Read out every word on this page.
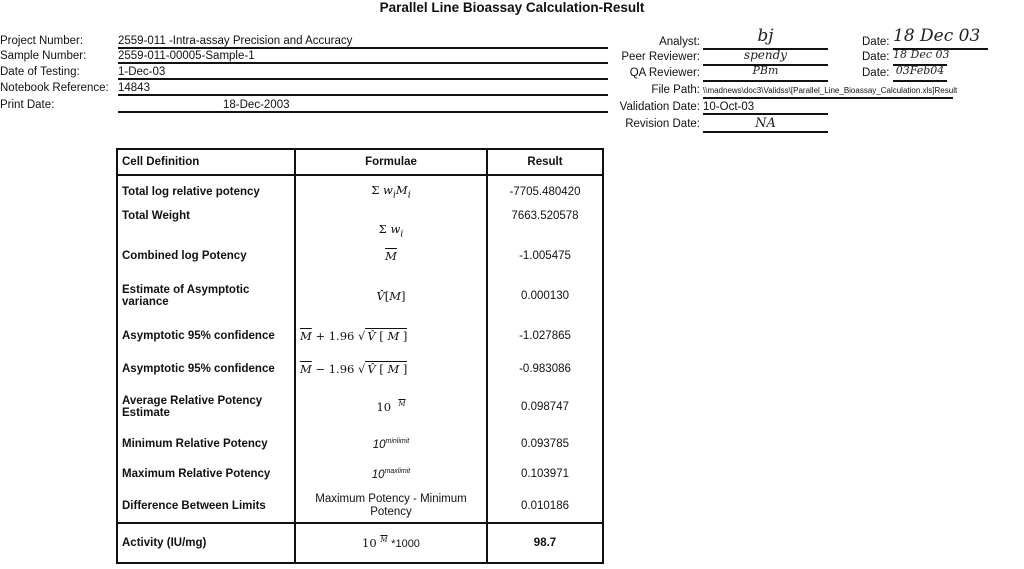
Parallel Line Bioassay Calculation-Result
Project Number:	2559-011 -Intra-assay Precision and Accuracy
Sample Number:	2559-011-00005-Sample-1
Date of Testing:	1-Dec-03
Notebook Reference: 14843
Print Date:	18-Dec-2003
Analyst:	bj	Date: 18 Dec 03
Peer Reviewer:	spendy	Date: 18 Dec 03
QA Reviewer:	PBm	Date: 03Feb04
File Path: \\madnews\doc3\Validss\[Parallel_Line_Bioassay_Calculation.xls]Result
Validation Date: 10-Oct-03
Revision Date:	NA
Cell Definition	Formulae	Result
Total log relative potency	Σ $w_iM_i$	-7705.480420
Total Weight	Σ $w_i$	7663.520578
Combined log Potency	$\overline{M}$	-1.005475
Estimate of Asymptotic variance	V̂[M]	0.000130
Asymptotic 95% confidence	$\overline{M} + 1.96$ √ V̂ [ $\overline{M}$ ]	-1.027865
Asymptotic 95% confidence	$\overline{M} - 1.96$ √ V̂ [ $\overline{M}$ ]	-0.983086
Average Relative Potency Estimate	10 $^{\overline{M}}$	0.098747
Minimum Relative Potency	$10^{minlimit}$	0.093785
Maximum Relative Potency	$10^{maxlimit}$	0.103971
Difference Between Limits	Maximum Potency - Minimum Potency	0.010186
Activity (IU/mg)	10 $^{\overline{M}}$ *1000	98.7
